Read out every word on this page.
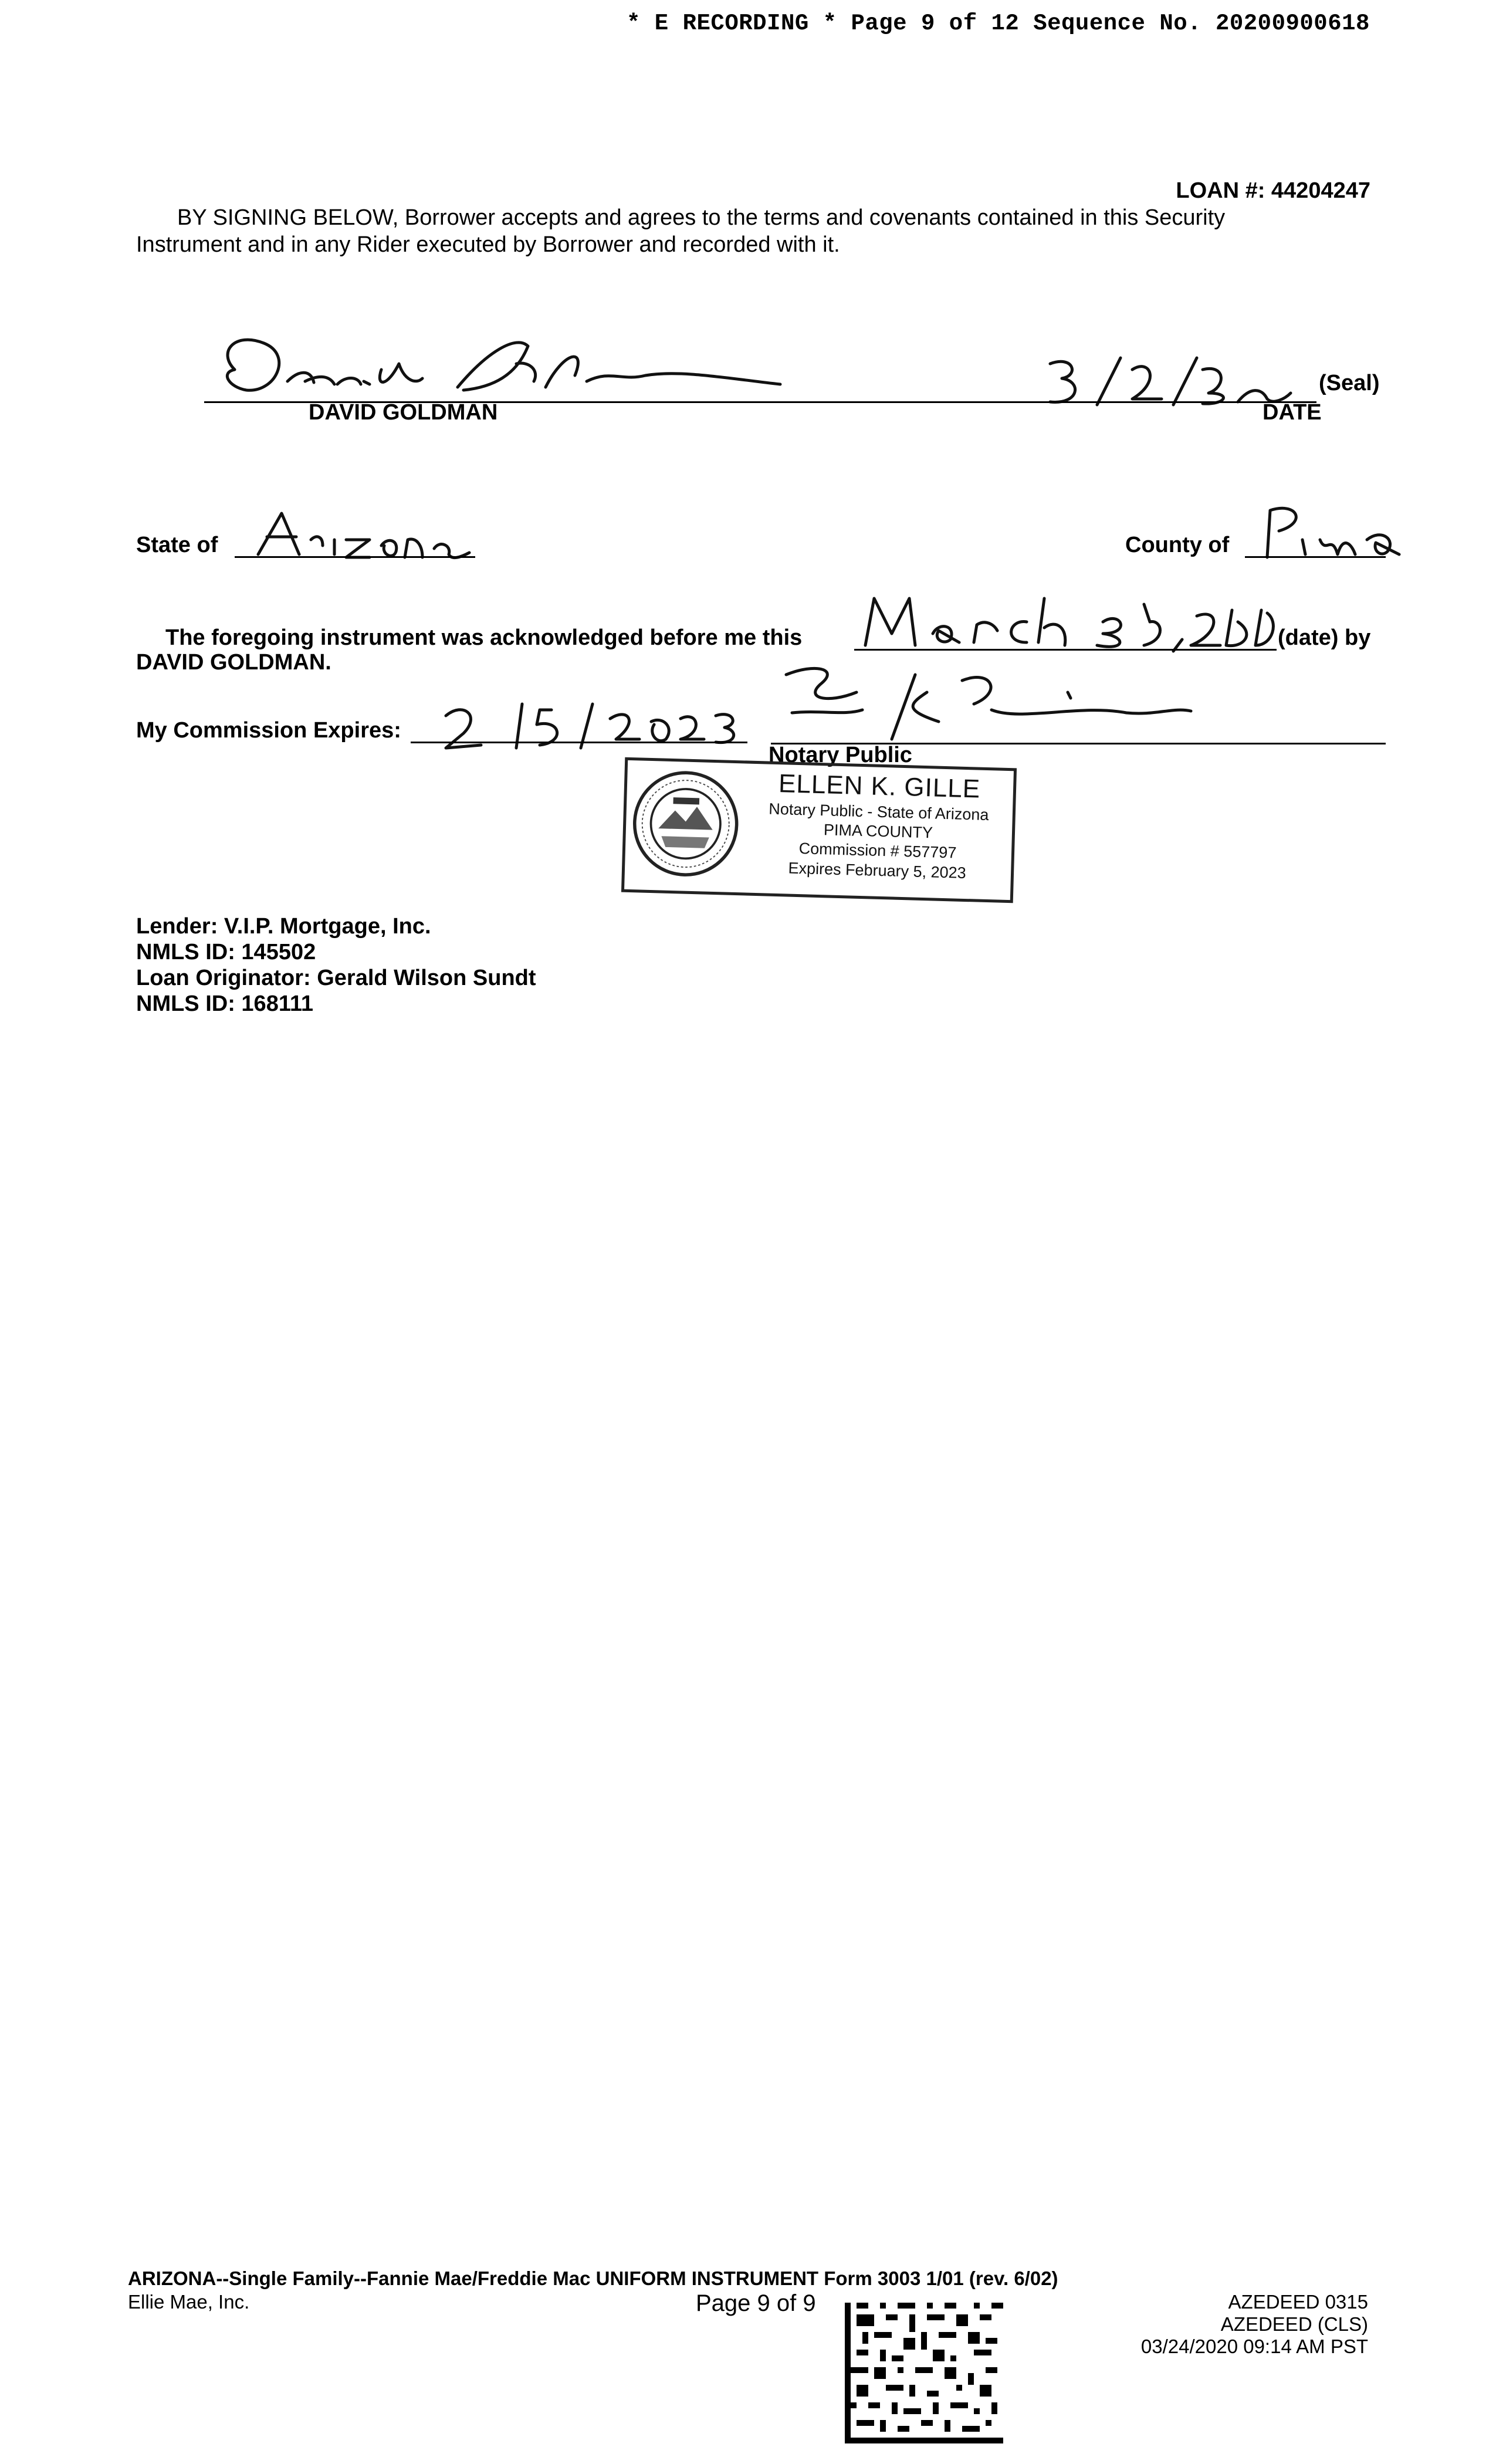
* E RECORDING * Page 9 of 12 Sequence No. 20200900618
LOAN #: 44204247
BY SIGNING BELOW, Borrower accepts and agrees to the terms and covenants contained in this Security
Instrument and in any Rider executed by Borrower and recorded with it.
(Seal)
DAVID GOLDMAN	DATE
State of	County of
The foregoing instrument was acknowledged before me this	(date) by
DAVID GOLDMAN.
My Commission Expires:
Notary Public
ELLEN K. GILLE
Notary Public - State of Arizona
PIMA COUNTY
Commission # 557797
Expires February 5, 2023
Lender: V.I.P. Mortgage, Inc.
NMLS ID: 145502
Loan Originator: Gerald Wilson Sundt
NMLS ID: 168111
ARIZONA--Single Family--Fannie Mae/Freddie Mac UNIFORM INSTRUMENT Form 3003 1/01 (rev. 6/02)
Ellie Mae, Inc.	Page 9 of 9	AZEDEED 0315
AZEDEED (CLS)
03/24/2020 09:14 AM PST
